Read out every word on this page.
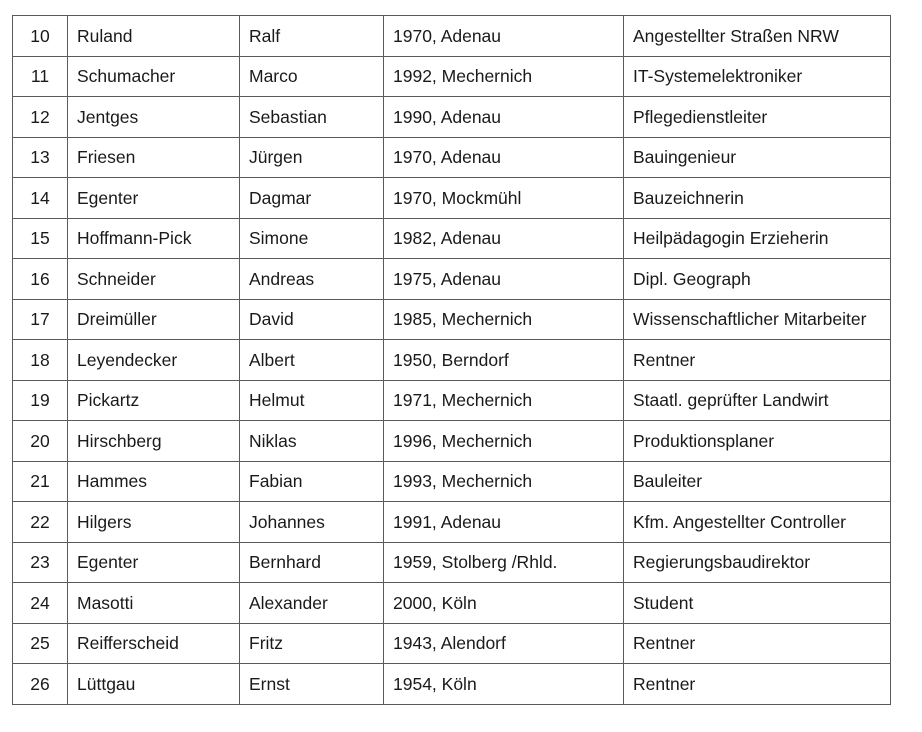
10	Ruland	Ralf	1970, Adenau	Angestellter Straßen NRW
11	Schumacher	Marco	1992, Mechernich	IT-Systemelektroniker
12	Jentges	Sebastian	1990, Adenau	Pflegedienstleiter
13	Friesen	Jürgen	1970, Adenau	Bauingenieur
14	Egenter	Dagmar	1970, Mockmühl	Bauzeichnerin
15	Hoffmann-Pick	Simone	1982, Adenau	Heilpädagogin Erzieherin
16	Schneider	Andreas	1975, Adenau	Dipl. Geograph
17	Dreimüller	David	1985, Mechernich	Wissenschaftlicher Mitarbeiter
18	Leyendecker	Albert	1950, Berndorf	Rentner
19	Pickartz	Helmut	1971, Mechernich	Staatl. geprüfter Landwirt
20	Hirschberg	Niklas	1996, Mechernich	Produktionsplaner
21	Hammes	Fabian	1993, Mechernich	Bauleiter
22	Hilgers	Johannes	1991, Adenau	Kfm. Angestellter Controller
23	Egenter	Bernhard	1959, Stolberg /Rhld.	Regierungsbaudirektor
24	Masotti	Alexander	2000, Köln	Student
25	Reifferscheid	Fritz	1943, Alendorf	Rentner
26	Lüttgau	Ernst	1954, Köln	Rentner
